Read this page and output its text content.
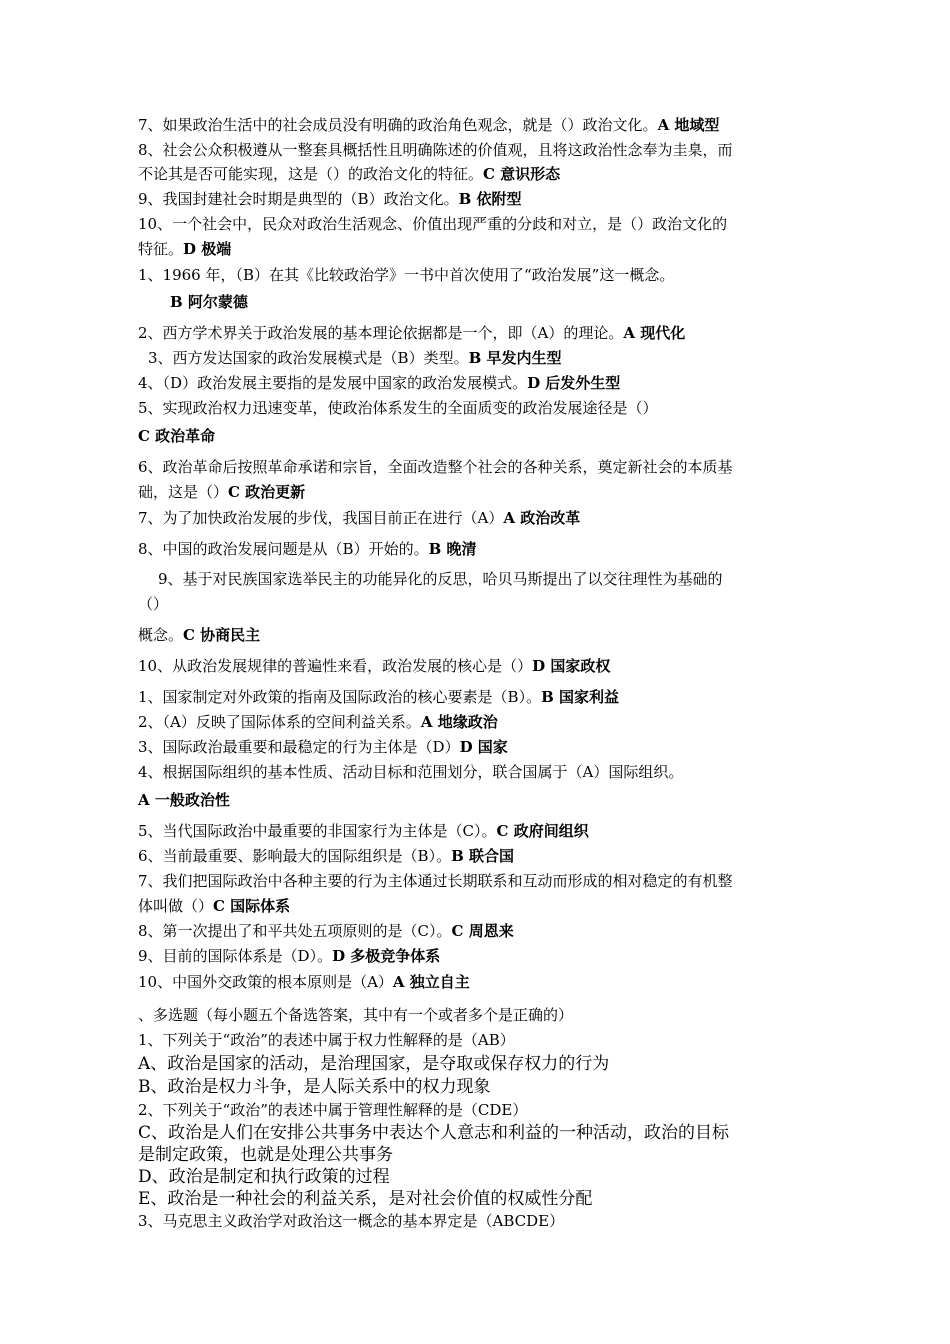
7、如果政治生活中的社会成员没有明确的政治角色观念，就是（）政治文化。A 地域型
8、社会公众积极遵从一整套具概括性且明确陈述的价值观，且将这政治性念奉为圭臬，而
不论其是否可能实现，这是（）的政治文化的特征。C 意识形态
9、我国封建社会时期是典型的（B）政治文化。B 依附型
10、一个社会中，民众对政治生活观念、价值出现严重的分歧和对立，是（）政治文化的
特征。D 极端
1、1966 年，（B）在其《比较政治学》一书中首次使用了“政治发展”这一概念。
B 阿尔蒙德
2、西方学术界关于政治发展的基本理论依据都是一个，即（A）的理论。A 现代化
3、西方发达国家的政治发展模式是（B）类型。B 早发内生型
4、（D）政治发展主要指的是发展中国家的政治发展模式。D 后发外生型
5、实现政治权力迅速变革，使政治体系发生的全面质变的政治发展途径是（）
C 政治革命
6、政治革命后按照革命承诺和宗旨，全面改造整个社会的各种关系，奠定新社会的本质基
础，这是（）C 政治更新
7、为了加快政治发展的步伐，我国目前正在进行（A）A 政治改革
8、中国的政治发展问题是从（B）开始的。B 晚清
9、基于对民族国家选举民主的功能异化的反思，哈贝马斯提出了以交往理性为基础的
（）
概念。C 协商民主
10、从政治发展规律的普遍性来看，政治发展的核心是（）D 国家政权
1、国家制定对外政策的指南及国际政治的核心要素是（B）。B 国家利益
2、（A）反映了国际体系的空间利益关系。A 地缘政治
3、国际政治最重要和最稳定的行为主体是（D）D 国家
4、根据国际组织的基本性质、活动目标和范围划分，联合国属于（A）国际组织。
A 一般政治性
5、当代国际政治中最重要的非国家行为主体是（C）。C 政府间组织
6、当前最重要、影响最大的国际组织是（B）。B 联合国
7、我们把国际政治中各种主要的行为主体通过长期联系和互动而形成的相对稳定的有机整
体叫做（）C 国际体系
8、第一次提出了和平共处五项原则的是（C）。C 周恩来
9、目前的国际体系是（D）。D 多极竞争体系
10、中国外交政策的根本原则是（A）A 独立自主
、多选题（每小题五个备选答案，其中有一个或者多个是正确的）
1、下列关于“政治”的表述中属于权力性解释的是（AB）
A、政治是国家的活动，是治理国家，是夺取或保存权力的行为
B、政治是权力斗争，是人际关系中的权力现象
2、下列关于“政治”的表述中属于管理性解释的是（CDE）
C、政治是人们在安排公共事务中表达个人意志和利益的一种活动，政治的目标
是制定政策，也就是处理公共事务
D、政治是制定和执行政策的过程
E、政治是一种社会的利益关系，是对社会价值的权威性分配
3、马克思主义政治学对政治这一概念的基本界定是（ABCDE）
